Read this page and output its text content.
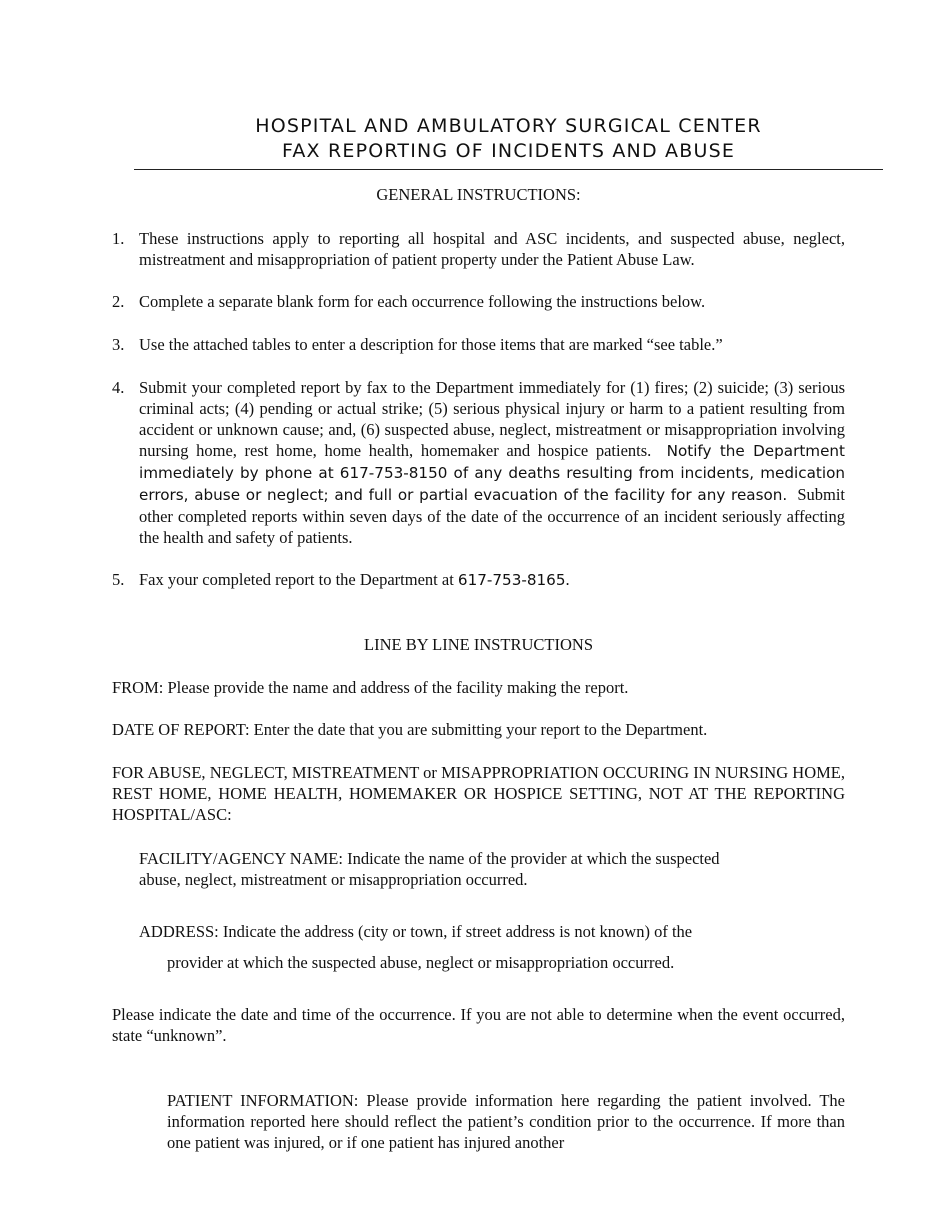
HOSPITAL AND AMBULATORY SURGICAL CENTER

FAX REPORTING OF INCIDENTS AND ABUSE

GENERAL INSTRUCTIONS:
1. These instructions apply to reporting all hospital and ASC incidents, and suspected abuse, neglect, mistreatment and misappropriation of patient property under the Patient Abuse Law.

2. Complete a separate blank form for each occurrence following the instructions below.

3. Use the attached tables to enter a description for those items that are marked “see table.”

4. Submit your completed report by fax to the Department immediately for (1) fires; (2) suicide; (3) serious criminal acts; (4) pending or actual strike; (5) serious physical injury or harm to a patient resulting from accident or unknown cause; and, (6) suspected abuse, neglect, mistreatment or misappropriation involving nursing home, rest home, home health, homemaker and hospice patients. Notify the Department immediately by phone at 617-753-8150 of any deaths resulting from incidents, medication errors, abuse or neglect; and full or partial evacuation of the facility for any reason. Submit other completed reports within seven days of the date of the occurrence of an incident seriously affecting the health and safety of patients.

5. Fax your completed report to the Department at 617-753-8165.

LINE BY LINE INSTRUCTIONS

FROM: Please provide the name and address of the facility making the report.

DATE OF REPORT: Enter the date that you are submitting your report to the Department.

FOR ABUSE, NEGLECT, MISTREATMENT or MISAPPROPRIATION OCCURING IN NURSING HOME, REST HOME, HOME HEALTH, HOMEMAKER OR HOSPICE SETTING, NOT AT THE REPORTING HOSPITAL/ASC:

FACILITY/AGENCY NAME: Indicate the name of the provider at which the suspected

abuse, neglect, mistreatment or misappropriation occurred.

ADDRESS: Indicate the address (city or town, if street address is not known) of the

provider at which the suspected abuse, neglect or misappropriation occurred.

Please indicate the date and time of the occurrence. If you are not able to determine when the event occurred, state “unknown”.

PATIENT INFORMATION: Please provide information here regarding the patient involved. The information reported here should reflect the patient’s condition prior to the occurrence. If more than one patient was injured, or if one patient has injured another
